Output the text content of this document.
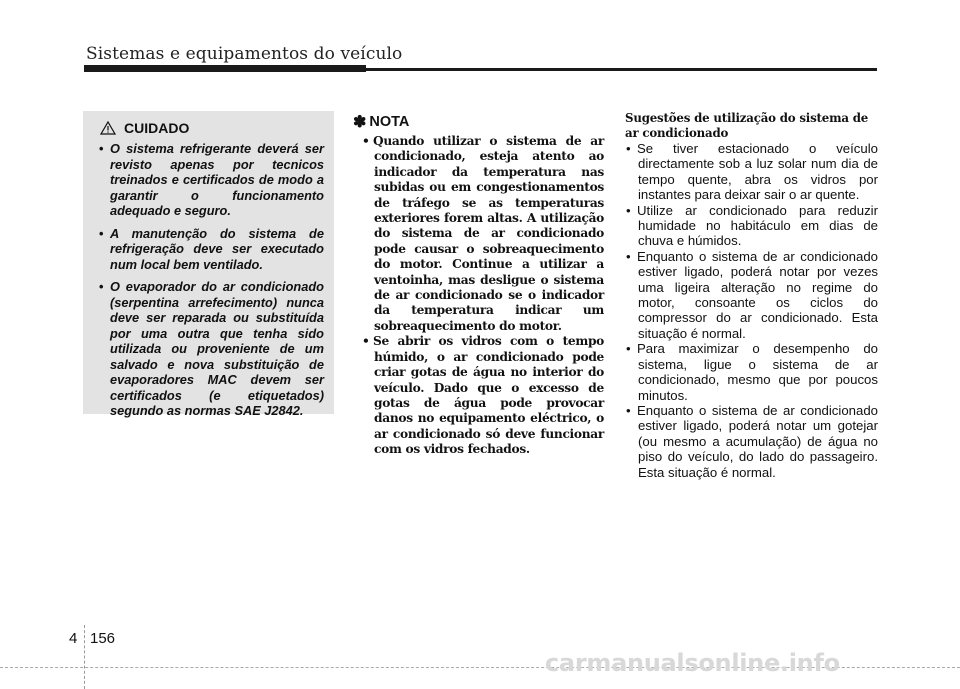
Sistemas e equipamentos do veículo
CUIDADO
• O sistema refrigerante deverá ser revisto apenas por tecnicos treinados e certificados de modo a garantir o funcionamento adequado e seguro.
• A manutenção do sistema de refrigeração deve ser executado num local bem ventilado.
• O evaporador do ar condicionado (serpentina arrefecimento) nunca deve ser reparada ou substituída por uma outra que tenha sido utilizada ou proveniente de um salvado e nova substituição de evaporadores MAC devem ser certificados (e etiquetados) segundo as normas SAE J2842.
✽ NOTA
• Quando utilizar o sistema de ar condicionado, esteja atento ao indicador da temperatura nas subidas ou em congestionamentos de tráfego se as temperaturas exteriores forem altas. A utilização do sistema de ar condicionado pode causar o sobreaquecimento do motor. Continue a utilizar a ventoinha, mas desligue o sistema de ar condicionado se o indicador da temperatura indicar um sobreaquecimento do motor.
• Se abrir os vidros com o tempo húmido, o ar condicionado pode criar gotas de água no interior do veículo. Dado que o excesso de gotas de água pode provocar danos no equipamento eléctrico, o ar condicionado só deve funcionar com os vidros fechados.
Sugestões de utilização do sistema de ar condicionado
• Se tiver estacionado o veículo directamente sob a luz solar num dia de tempo quente, abra os vidros por instantes para deixar sair o ar quente.
• Utilize ar condicionado para reduzir humidade no habitáculo em dias de chuva e húmidos.
• Enquanto o sistema de ar condicionado estiver ligado, poderá notar por vezes uma ligeira alteração no regime do motor, consoante os ciclos do compressor do ar condicionado. Esta situação é normal.
• Para maximizar o desempenho do sistema, ligue o sistema de ar condicionado, mesmo que por poucos minutos.
• Enquanto o sistema de ar condicionado estiver ligado, poderá notar um gotejar (ou mesmo a acumulação) de água no piso do veículo, do lado do passageiro. Esta situação é normal.
4 156
carmanualsonline.info
